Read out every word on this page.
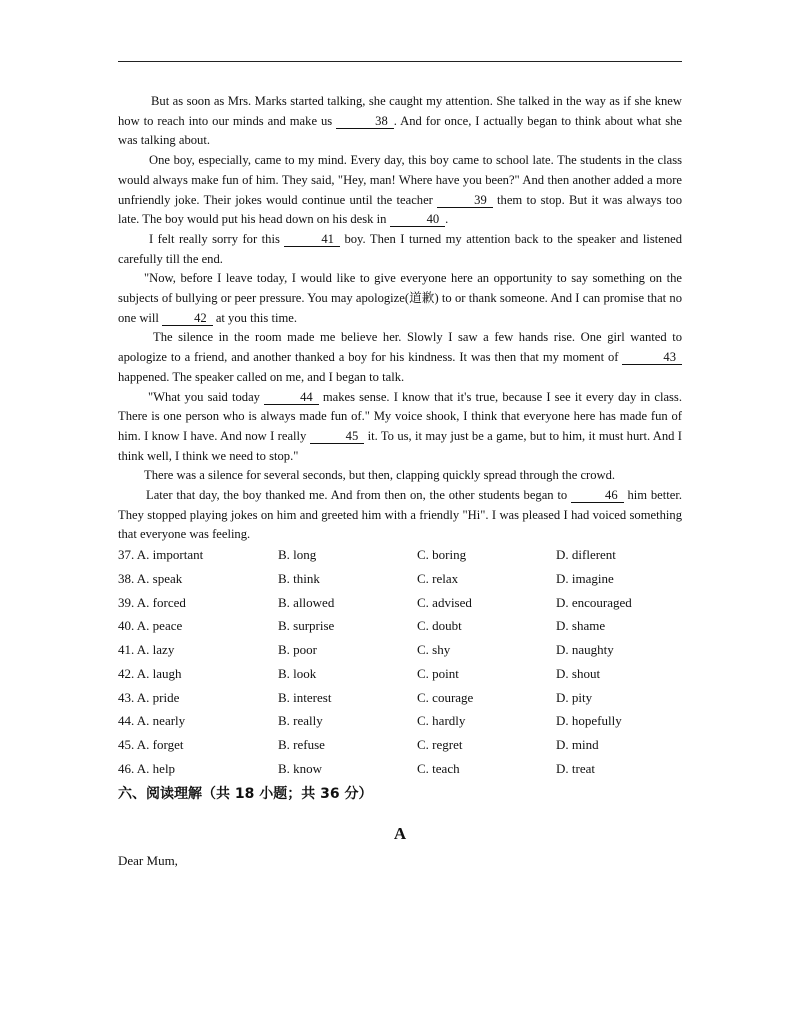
But as soon as Mrs. Marks started talking, she caught my attention. She talked in the way as if she knew how to reach into our minds and make us	38 . And for once, I actually began to think about what she was talking about.

One boy, especially, came to my mind. Every day, this boy came to school late. The students in the class would always make fun of him. They said, "Hey, man! Where have you been?" And then another added a more unfriendly joke. Their jokes would continue until the teacher	39 them to stop. But it was always too late. The boy would put his head down on his desk in	40 .

I felt really sorry for this	41 boy. Then I turned my attention back to the speaker and listened carefully till the end.

"Now, before I leave today, I would like to give everyone here an opportunity to say something on the subjects of bullying or peer pressure. You may apologize(道歉) to or thank someone. And I can promise that no one will	42 at you this time.

The silence in the room made me believe her. Slowly I saw a few hands rise. One girl wanted to apologize to a friend, and another thanked a boy for his kindness. It was then that my moment of	43 happened. The speaker called on me, and I began to talk.

"What you said today	44 makes sense. I know that it's true, because I see it every day in class. There is one person who is always made fun of." My voice shook, I think that everyone here has made fun of him. I know I have. And now I really	45 it. To us, it may just be a game, but to him, it must hurt. And I think well, I think we need to stop."

There was a silence for several seconds, but then, clapping quickly spread through the crowd.

Later that day, the boy thanked me. And from then on, the other students began to	46 him better. They stopped playing jokes on him and greeted him with a friendly "Hi". I was pleased I had voiced something that everyone was feeling.

37. A. important	B. long	C. boring	D. diflerent
38. A. speak	B. think	C. relax	D. imagine
39. A. forced	B. allowed	C. advised	D. encouraged
40. A. peace	B. surprise	C. doubt	D. shame
41. A. lazy	B. poor	C. shy	D. naughty
42. A. laugh	B. look	C. point	D. shout
43. A. pride	B. interest	C. courage	D. pity
44. A. nearly	B. really	C. hardly	D. hopefully
45. A. forget	B. refuse	C. regret	D. mind
46. A. help	B. know	C. teach	D. treat
六、阅读理解（共 18 小题；共 36 分）
A
Dear Mum,
